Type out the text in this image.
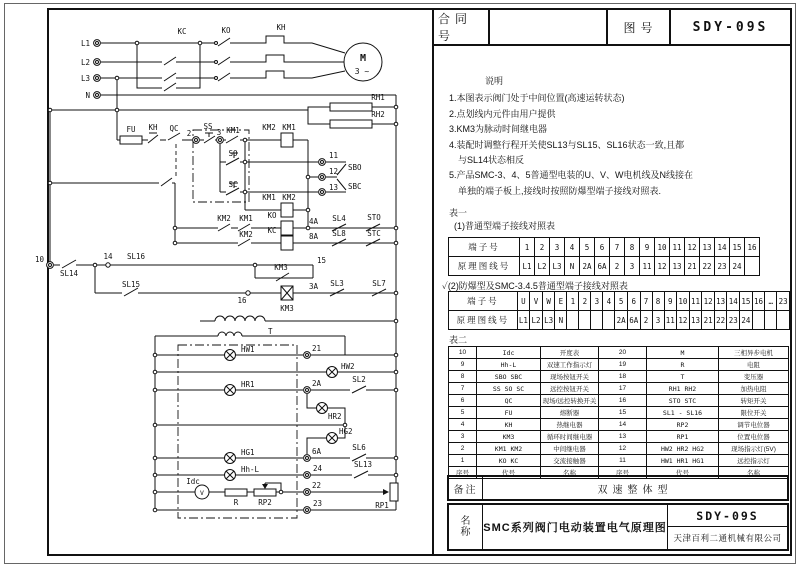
L1
L2
L3
N
KC	KO	KH
M
3 ~
RH1
RH2
FU KH QC
2
SS
3 KM1	KM2 KM1
SO	11
SBO
12
13 SBC
SC
KM1 KM2
KM2 KM1 KO
4A SL4	STO
KM2 KC
8A SL8	STC
10
SL14
14 SL16	15
KM3
SL15
16
KM3
3A SL3	SL7
T
HW1	21
HW2
HR1	2A	SL2
HR2
HG2
HG1	6A	SL6
Hh-L	24	SL13
Idc
V
R	RP2
22
23	RP1
合同号
图号	SDY-09S
说明
1.本图表示阀门处于中间位置(高速运转状态)
2.点划线内元件由用户提供
3.KM3为脉动时间继电器
4.装配时调整行程开关使SL13与SL15、SL16状态一致,且都
与SL14状态相反
5.产品SMC-3、4、5普通型电装的U、V、W电机线及N线接在
单独的端子板上,接线时按照防爆型端子接线对照表.
表一
(1)普通型端子接线对照表
端子号	1	2	3	4	5	6	7	8	9	10	11	12	13	14	15	16
原理图线号	L1	L2	L3	N	2A	6A	2	3	11	12	13	21	22	23	24	
✓(2)防爆型及SMC-3.4.5普通型端子接线对照表
端子号	U	V	W	E	1	2	3	4	5	6	7	8	9	10	11	12	13	14	15	16	…	23
原理图线号	L1	L2	L3	N					2A	6A	2	3	11	12	13	21	22	23	24			
表二
10	Idc	开度表	20	M	三相异步电机
9	Hh-L	双速工作指示灯	19	R	电阻
8	SBO SBC	现场按钮开关	18	T	变压器
7	SS SO SC	远控按钮开关	17	RH1 RH2	加热电阻
6	QC	现场/远控转换开关	16	STO STC	转矩开关
5	FU	熔断器	15	SL1 - SL16	限位开关
4	KH	热继电器	14	RP2	调节电位器
3	KM3	循环时间继电器	13	RP1	位置电位器
2	KM1 KM2	中间继电器	12	HW2 HR2 HG2	现场指示灯(5V)
1	KO KC	交流接触器	11	HW1 HR1 HG1	远控指示灯
序号	代号	名称	序号	代号	名称
备注	双速整体型
名
称 SMC系列阀门电动装置电气原理图
SDY-09S
天津百利二通机械有限公司
